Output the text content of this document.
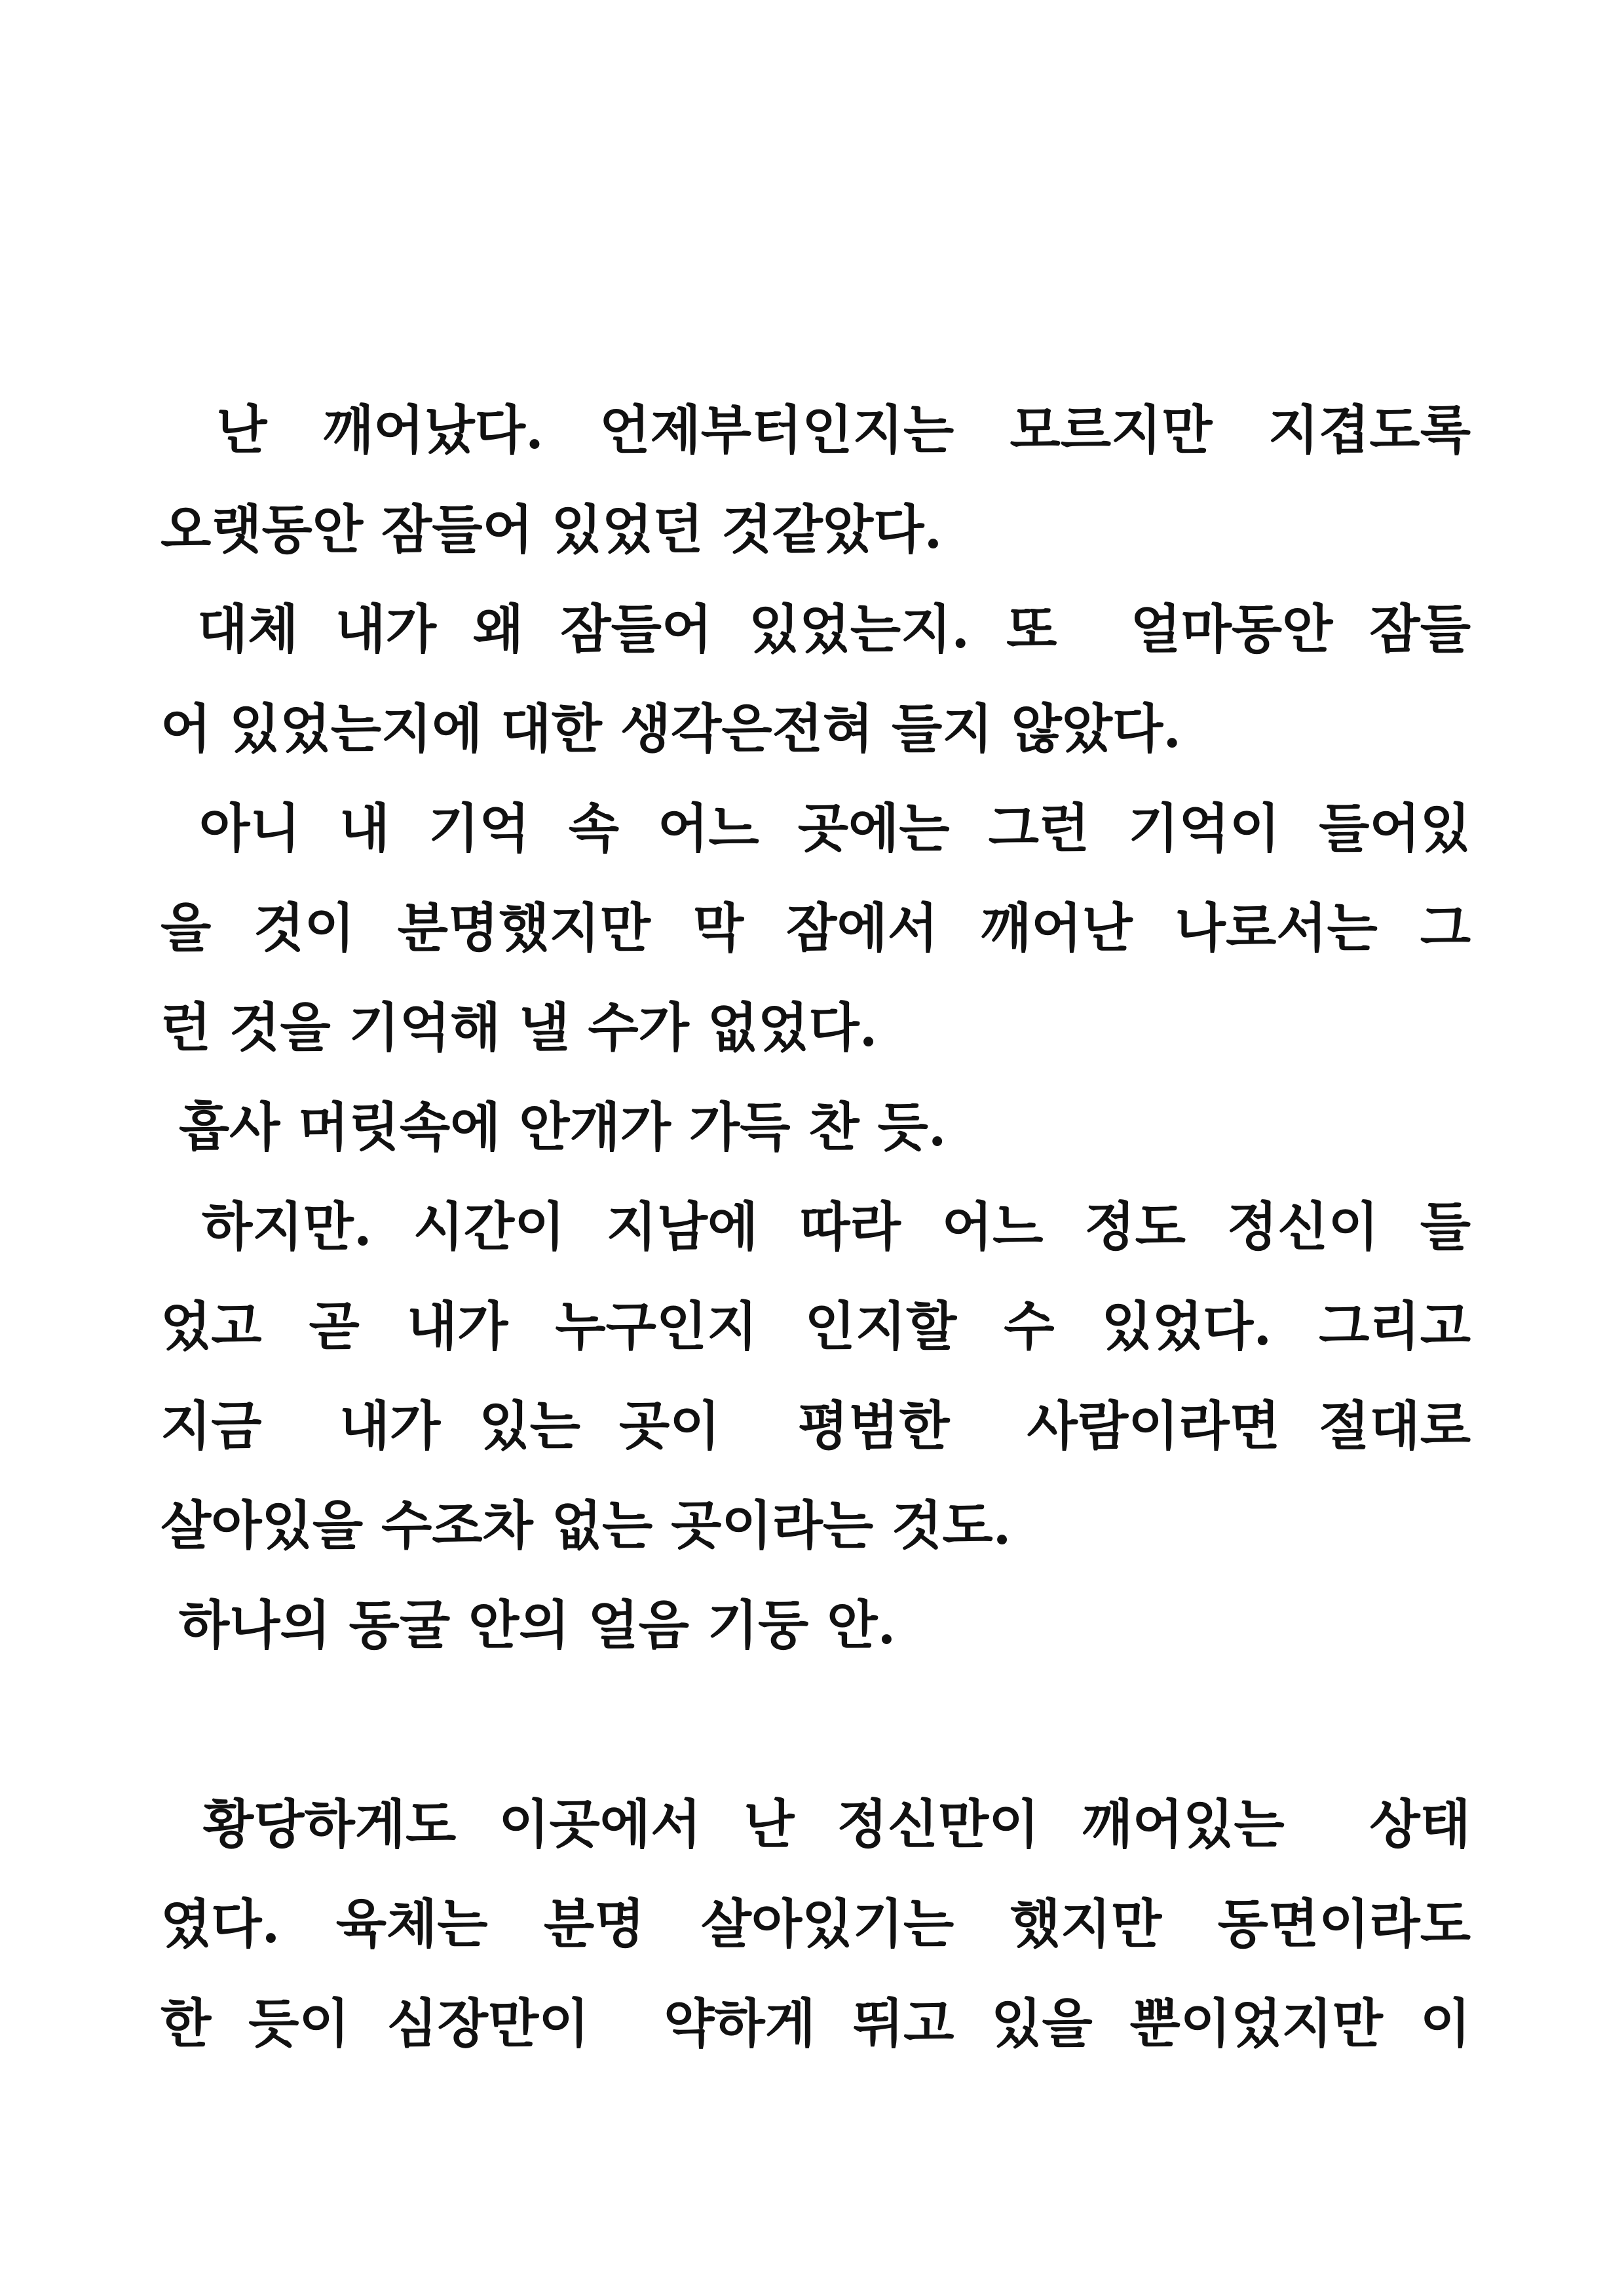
난 깨어났다. 언제부터인지는 모르지만 지겹도록
오랫동안 잠들어 있었던 것같았다.
대체 내가 왜 잠들어 있었는지. 또  얼마동안 잠들
어 있었는지에 대한 생각은전혀 들지 않았다.
아니 내 기억 속 어느 곳에는 그런 기억이 들어있
을 것이 분명했지만 막 잠에서 깨어난 나로서는 그
런 것을 기억해 낼 수가 없었다.
흡사 머릿속에 안개가 가득 찬 듯.
하지만. 시간이 지남에 따라 어느 정도 정신이 들
었고 곧 내가 누구인지 인지할 수 있었다. 그리고
지금  내가 있는 곳이  평범한  사람이라면 절대로
살아있을 수조차 없는 곳이라는 것도.
하나의 동굴 안의 얼음 기둥 안.
황당하게도 이곳에서 난 정신만이 깨어있는  상태
였다. 육체는 분명 살아있기는 했지만 동면이라도
한 듯이 심장만이  약하게 뛰고 있을 뿐이었지만 이
